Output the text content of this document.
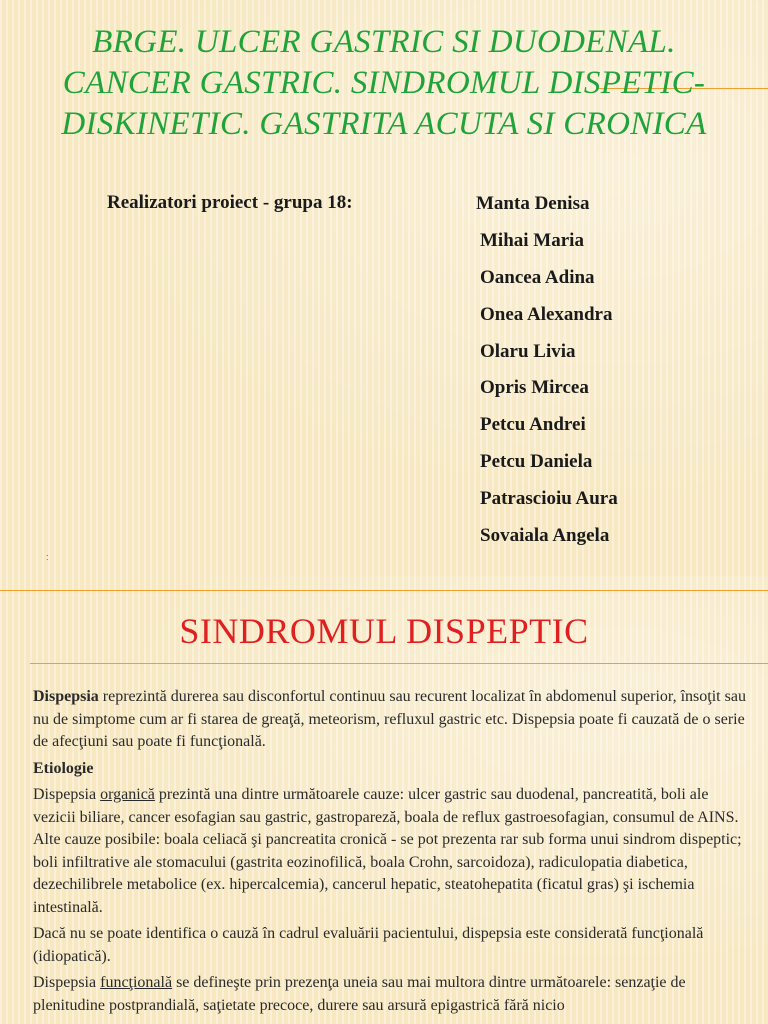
BRGE. ULCER GASTRIC SI DUODENAL.
CANCER GASTRIC. SINDROMUL DISPETIC-
DISKINETIC. GASTRITA ACUTA SI CRONICA
Realizatori proiect - grupa 18:	Manta Denisa
Mihai Maria
Oancea Adina
Onea Alexandra
Olaru Livia
Opris Mircea
Petcu Andrei
Petcu Daniela
Patrascioiu Aura
Sovaiala Angela
:
SINDROMUL DISPEPTIC

Dispepsia reprezintă durerea sau disconfortul continuu sau recurent localizat în abdomenul superior, însoţit sau nu de simptome cum ar fi starea de greaţă, meteorism, refluxul gastric etc. Dispepsia poate fi cauzată de o serie de afecţiuni sau poate fi funcţională.

Etiologie

Dispepsia organică prezintă una dintre următoarele cauze: ulcer gastric sau duodenal, pancreatită, boli ale vezicii biliare, cancer esofagian sau gastric, gastropareză, boala de reflux gastroesofagian, consumul de AINS. Alte cauze posibile: boala celiacă şi pancreatita cronică - se pot prezenta rar sub forma unui sindrom dispeptic; boli infiltrative ale stomacului (gastrita eozinofilică, boala Crohn, sarcoidoza), radiculopatia diabetica, dezechilibrele metabolice (ex. hipercalcemia), cancerul hepatic, steatohepatita (ficatul gras) şi ischemia intestinală.

Dacă nu se poate identifica o cauză în cadrul evaluării pacientului, dispepsia este considerată funcţională (idiopatică).

Dispepsia funcţională se defineşte prin prezenţa uneia sau mai multora dintre următoarele: senzaţie de plenitudine postprandială, saţietate precoce, durere sau arsură epigastrică fără nicio
